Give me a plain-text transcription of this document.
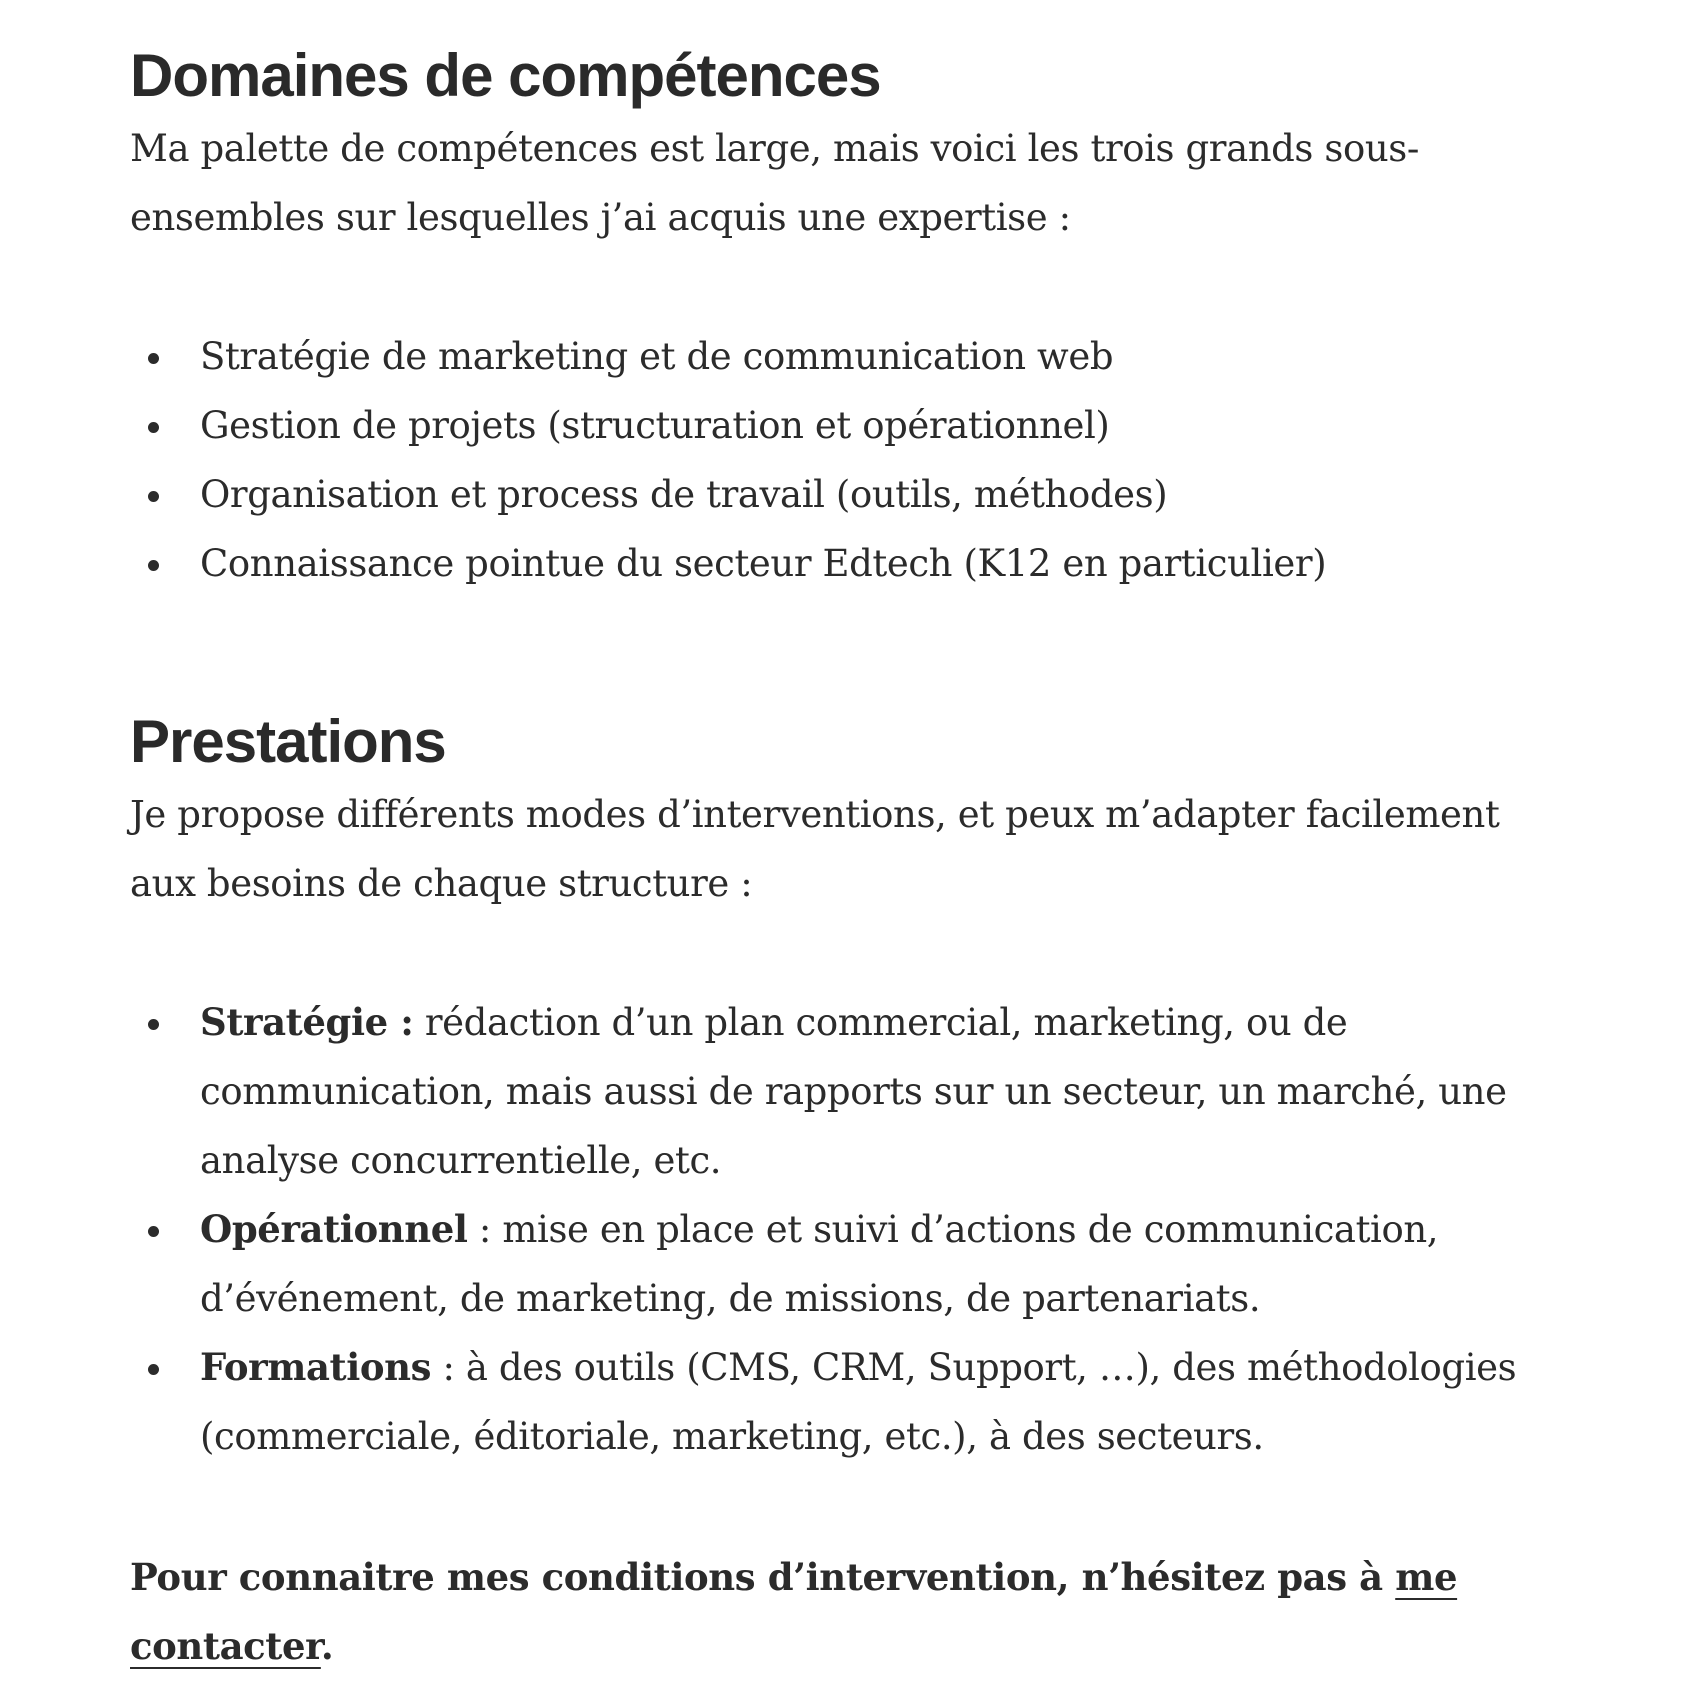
Domaines de compétences

Ma palette de compétences est large, mais voici les trois grands sous-ensembles sur lesquelles j’ai acquis une expertise :

Stratégie de marketing et de communication web
Gestion de projets (structuration et opérationnel)
Organisation et process de travail (outils, méthodes)
Connaissance pointue du secteur Edtech (K12 en particulier)
Prestations

Je propose différents modes d’interventions, et peux m’adapter facilement aux besoins de chaque structure :

Stratégie : rédaction d’un plan commercial, marketing, ou de communication, mais aussi de rapports sur un secteur, un marché, une analyse concurrentielle, etc.
Opérationnel : mise en place et suivi d’actions de communication, d’événement, de marketing, de missions, de partenariats.
Formations : à des outils (CMS, CRM, Support, …), des méthodologies (commerciale, éditoriale, marketing, etc.), à des secteurs.

Pour connaitre mes conditions d’intervention, n’hésitez pas à me contacter.
